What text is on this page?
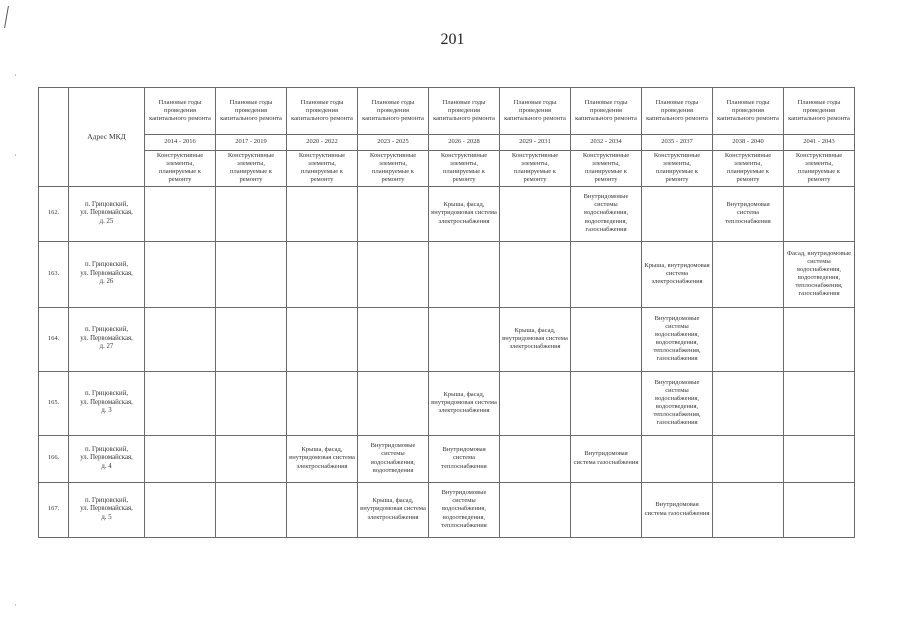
·
·
·
201
	Адрес МКД	Плановые годы проведения капитального ремонта	Плановые годы проведения капитального ремонта	Плановые годы проведения капитального ремонта	Плановые годы проведения капитального ремонта	Плановые годы проведения капитального ремонта	Плановые годы проведения капитального ремонта	Плановые годы проведения капитального ремонта	Плановые годы проведения капитального ремонта	Плановые годы проведения капитального ремонта	Плановые годы проведения капитального ремонта
		2014 - 2016	2017 - 2019	2020 - 2022	2023 - 2025	2026 - 2028	2029 - 2031	2032 - 2034	2035 - 2037	2038 - 2040	2041 - 2043
		Конструктивные элементы, планируемые к ремонту	Конструктивные элементы, планируемые к ремонту	Конструктивные элементы, планируемые к ремонту	Конструктивные элементы, планируемые к ремонту	Конструктивные элементы, планируемые к ремонту	Конструктивные элементы, планируемые к ремонту	Конструктивные элементы, планируемые к ремонту	Конструктивные элементы, планируемые к ремонту	Конструктивные элементы, планируемые к ремонту	Конструктивные элементы, планируемые к ремонту
162.	п. Грицовский,
ул. Первомайская,
д. 25					Крыша, фасад, внутридомовая система электроснабжения		Внутридомовые системы водоснабжения, водоотведения, газоснабжения		Внутридомовая система теплоснабжения	
163.	п. Грицовский,
ул. Первомайская,
д. 26								Крыша, внутридомовая система электроснабжения		Фасад, внутридомовые системы водоснабжения, водоотведения, теплоснабжения, газоснабжения
164.	п. Грицовский,
ул. Первомайская,
д. 27						Крыша, фасад, внутридомовая система электроснабжения		Внутридомовые системы водоснабжения, водоотведения, теплоснабжения, газоснабжения		
165.	п. Грицовский,
ул. Первомайская,
д. 3					Крыша, фасад, внутридомовая система электроснабжения			Внутридомовые системы водоснабжения, водоотведения, теплоснабжения, газоснабжения		
166.	п. Грицовский,
ул. Первомайская,
д. 4			Крыша, фасад, внутридомовая система электроснабжения	Внутридомовые системы водоснабжения, водоотведения	Внутридомовая система теплоснабжения		Внутридомовая система газоснабжения			
167.	п. Грицовский,
ул. Первомайская,
д. 5				Крыша, фасад, внутридомовая система электроснабжения	Внутридомовые системы водоснабжения, водоотведения, теплоснабжения			Внутридомовая система газоснабжения		
